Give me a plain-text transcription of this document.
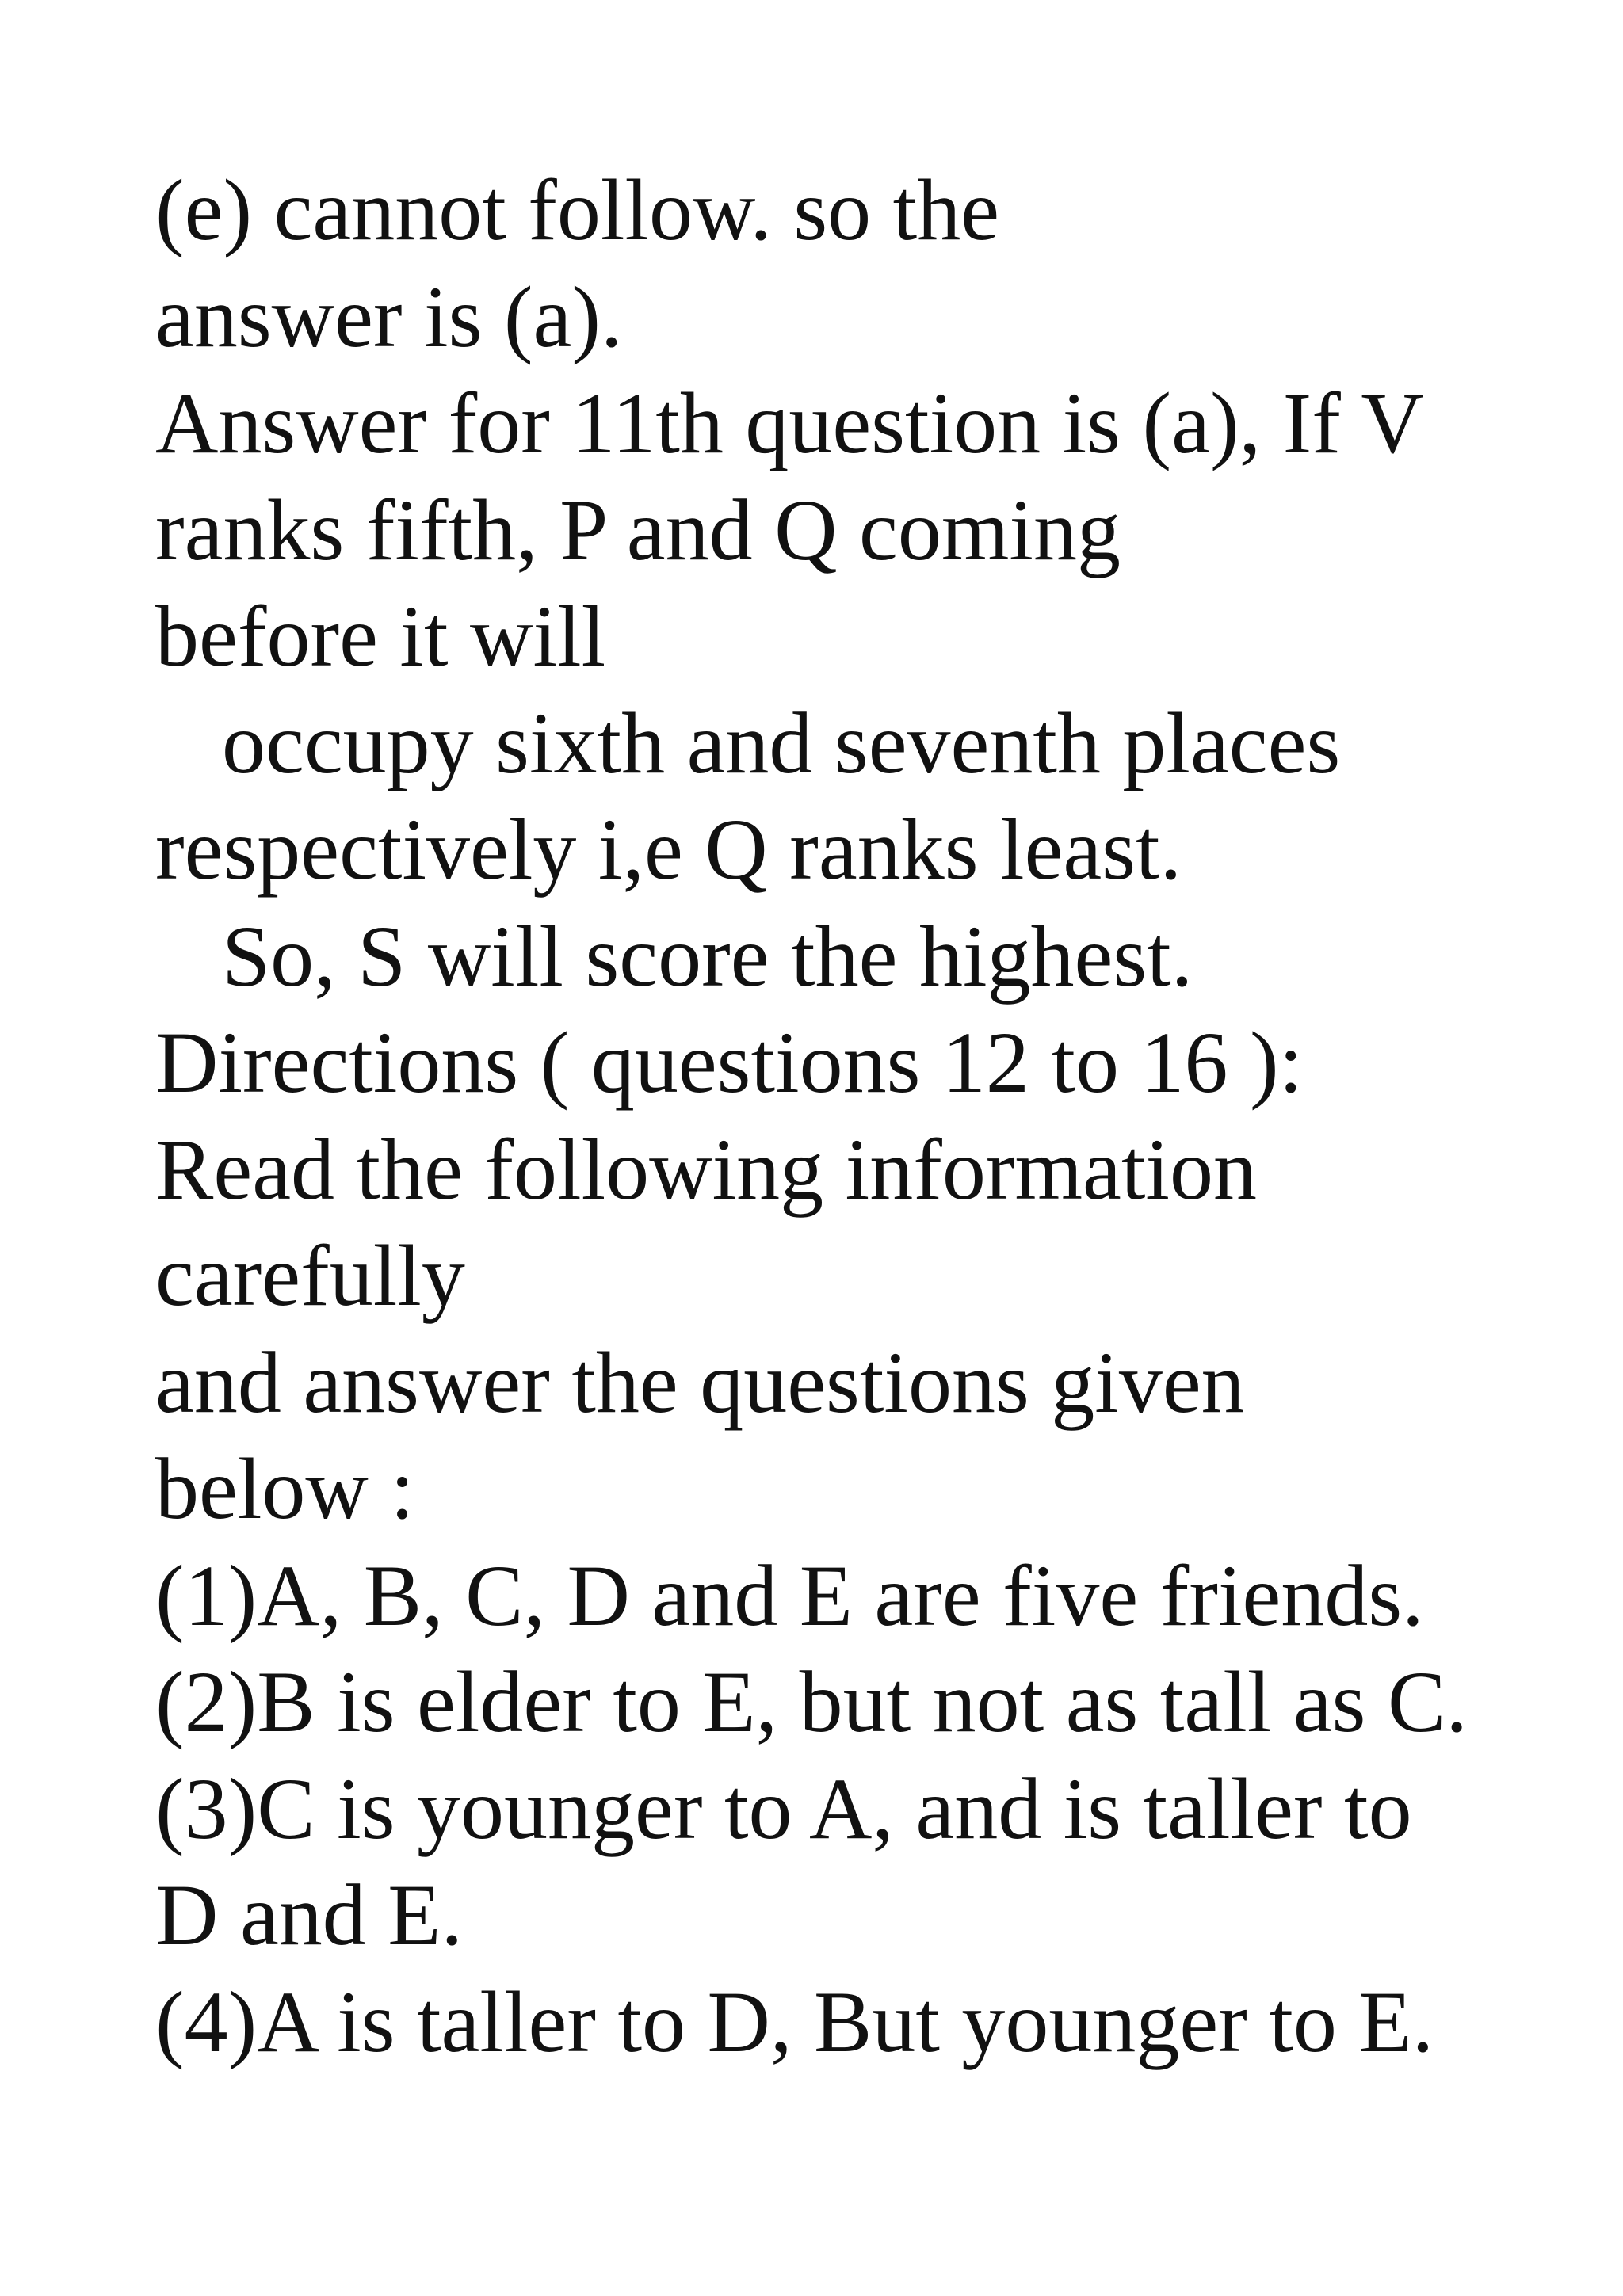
(e) cannot follow. so the
answer is (a).
Answer for 11th question is (a), If V
ranks fifth, P and Q coming
before it will
occupy sixth and seventh places
respectively i,e Q ranks least.
So, S will score the highest.
Directions ( questions 12 to 16 ):
Read the following information
carefully
and answer the questions given
below :
(1)A, B, C, D and E are five friends.
(2)B is elder to E, but not as tall as C.
(3)C is younger to A, and is taller to
D and E.
(4)A is taller to D, But younger to E.
